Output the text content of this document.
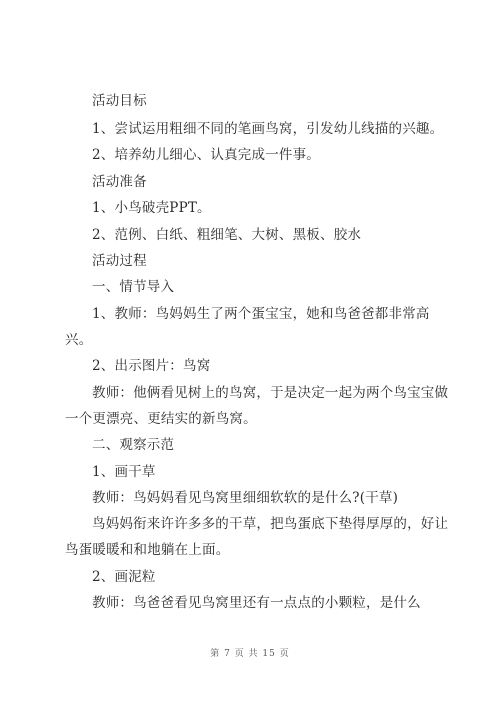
活动目标
1、尝试运用粗细不同的笔画鸟窝，引发幼儿线描的兴趣。
2、培养幼儿细心、认真完成一件事。
活动准备
1、小鸟破壳PPT。
2、范例、白纸、粗细笔、大树、黑板、胶水
活动过程
一、情节导入
1、教师：鸟妈妈生了两个蛋宝宝，她和鸟爸爸都非常高
兴。
2、出示图片：鸟窝
教师：他俩看见树上的鸟窝，于是决定一起为两个鸟宝宝做
一个更漂亮、更结实的新鸟窝。
二、观察示范
1、画干草
教师：鸟妈妈看见鸟窝里细细软软的是什么?(干草)
鸟妈妈衔来许许多多的干草，把鸟蛋底下垫得厚厚的，好让
鸟蛋暖暖和和地躺在上面。
2、画泥粒
教师：鸟爸爸看见鸟窝里还有一点点的小颗粒，是什么
第 7 页 共 15 页
